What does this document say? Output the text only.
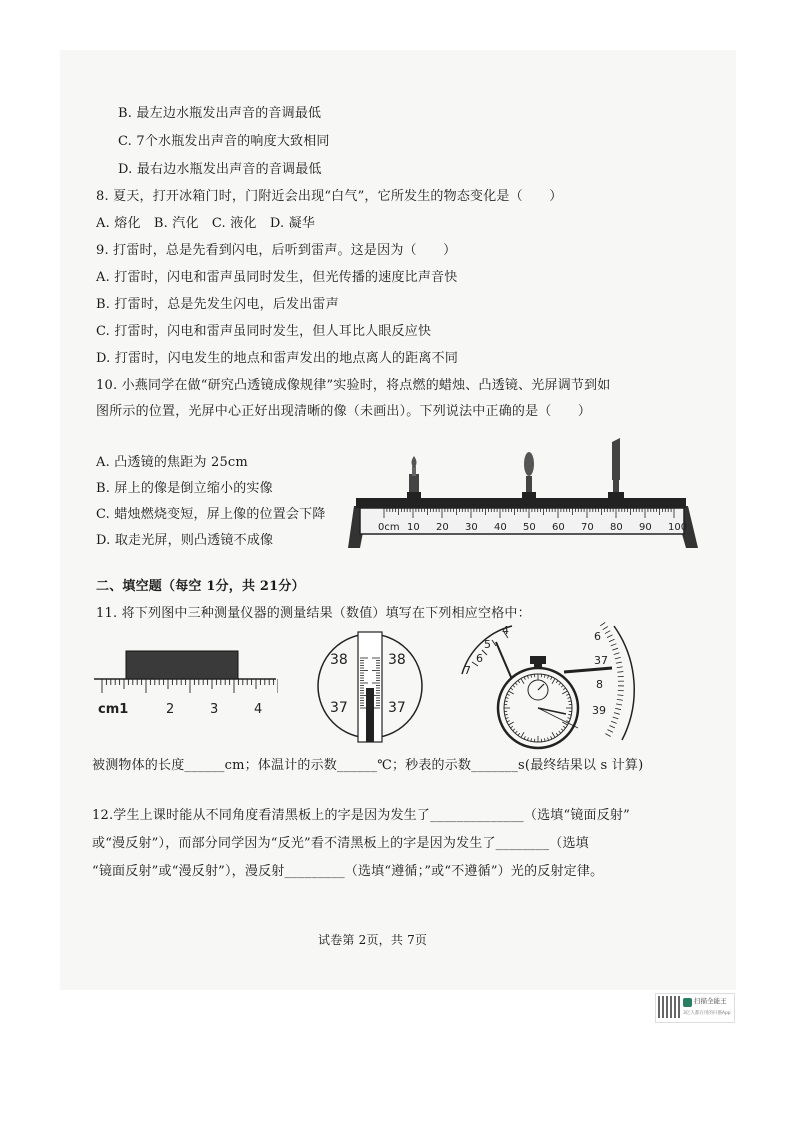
B. 最左边水瓶发出声音的音调最低
C. 7个水瓶发出声音的响度大致相同
D. 最右边水瓶发出声音的音调最低
8. 夏天，打开冰箱门时，门附近会出现“白气”，它所发生的物态变化是（　　）
A. 熔化　B. 汽化　C. 液化　D. 凝华
9. 打雷时，总是先看到闪电，后听到雷声。这是因为（　　）
A. 打雷时，闪电和雷声虽同时发生，但光传播的速度比声音快
B. 打雷时，总是先发生闪电，后发出雷声
C. 打雷时，闪电和雷声虽同时发生，但人耳比人眼反应快
D. 打雷时，闪电发生的地点和雷声发出的地点离人的距离不同
10. 小燕同学在做“研究凸透镜成像规律”实验时，将点燃的蜡烛、凸透镜、光屏调节到如
图所示的位置，光屏中心正好出现清晰的像（未画出）。下列说法中正确的是（　　）
A. 凸透镜的焦距为 25cm
B. 屏上的像是倒立缩小的实像
C. 蜡烛燃烧变短，屏上像的位置会下降
D. 取走光屏，则凸透镜不成像
0cm 10 20 30 40 50 60 70 80 90 100
二、填空题（每空 1分，共 21分）
11. 将下列图中三种测量仪器的测量结果（数值）填写在下列相应空格中：
cm1	2	3	4
38	38
37	37
4
5
6
7
6
37
8
39
被测物体的长度______cm；体温计的示数______℃；秒表的示数_______s(最终结果以 s 计算)
12.学生上课时能从不同角度看清黑板上的字是因为发生了______________（选填“镜面反射”
或“漫反射”），而部分同学因为“反光”看不清黑板上的字是因为发生了________（选填
“镜面反射”或“漫反射”），漫反射_________（选填“遵循；”或“不遵循”）光的反射定律。
试卷第 2页，共 7页
扫描全能王
3亿人都在用的扫描App
